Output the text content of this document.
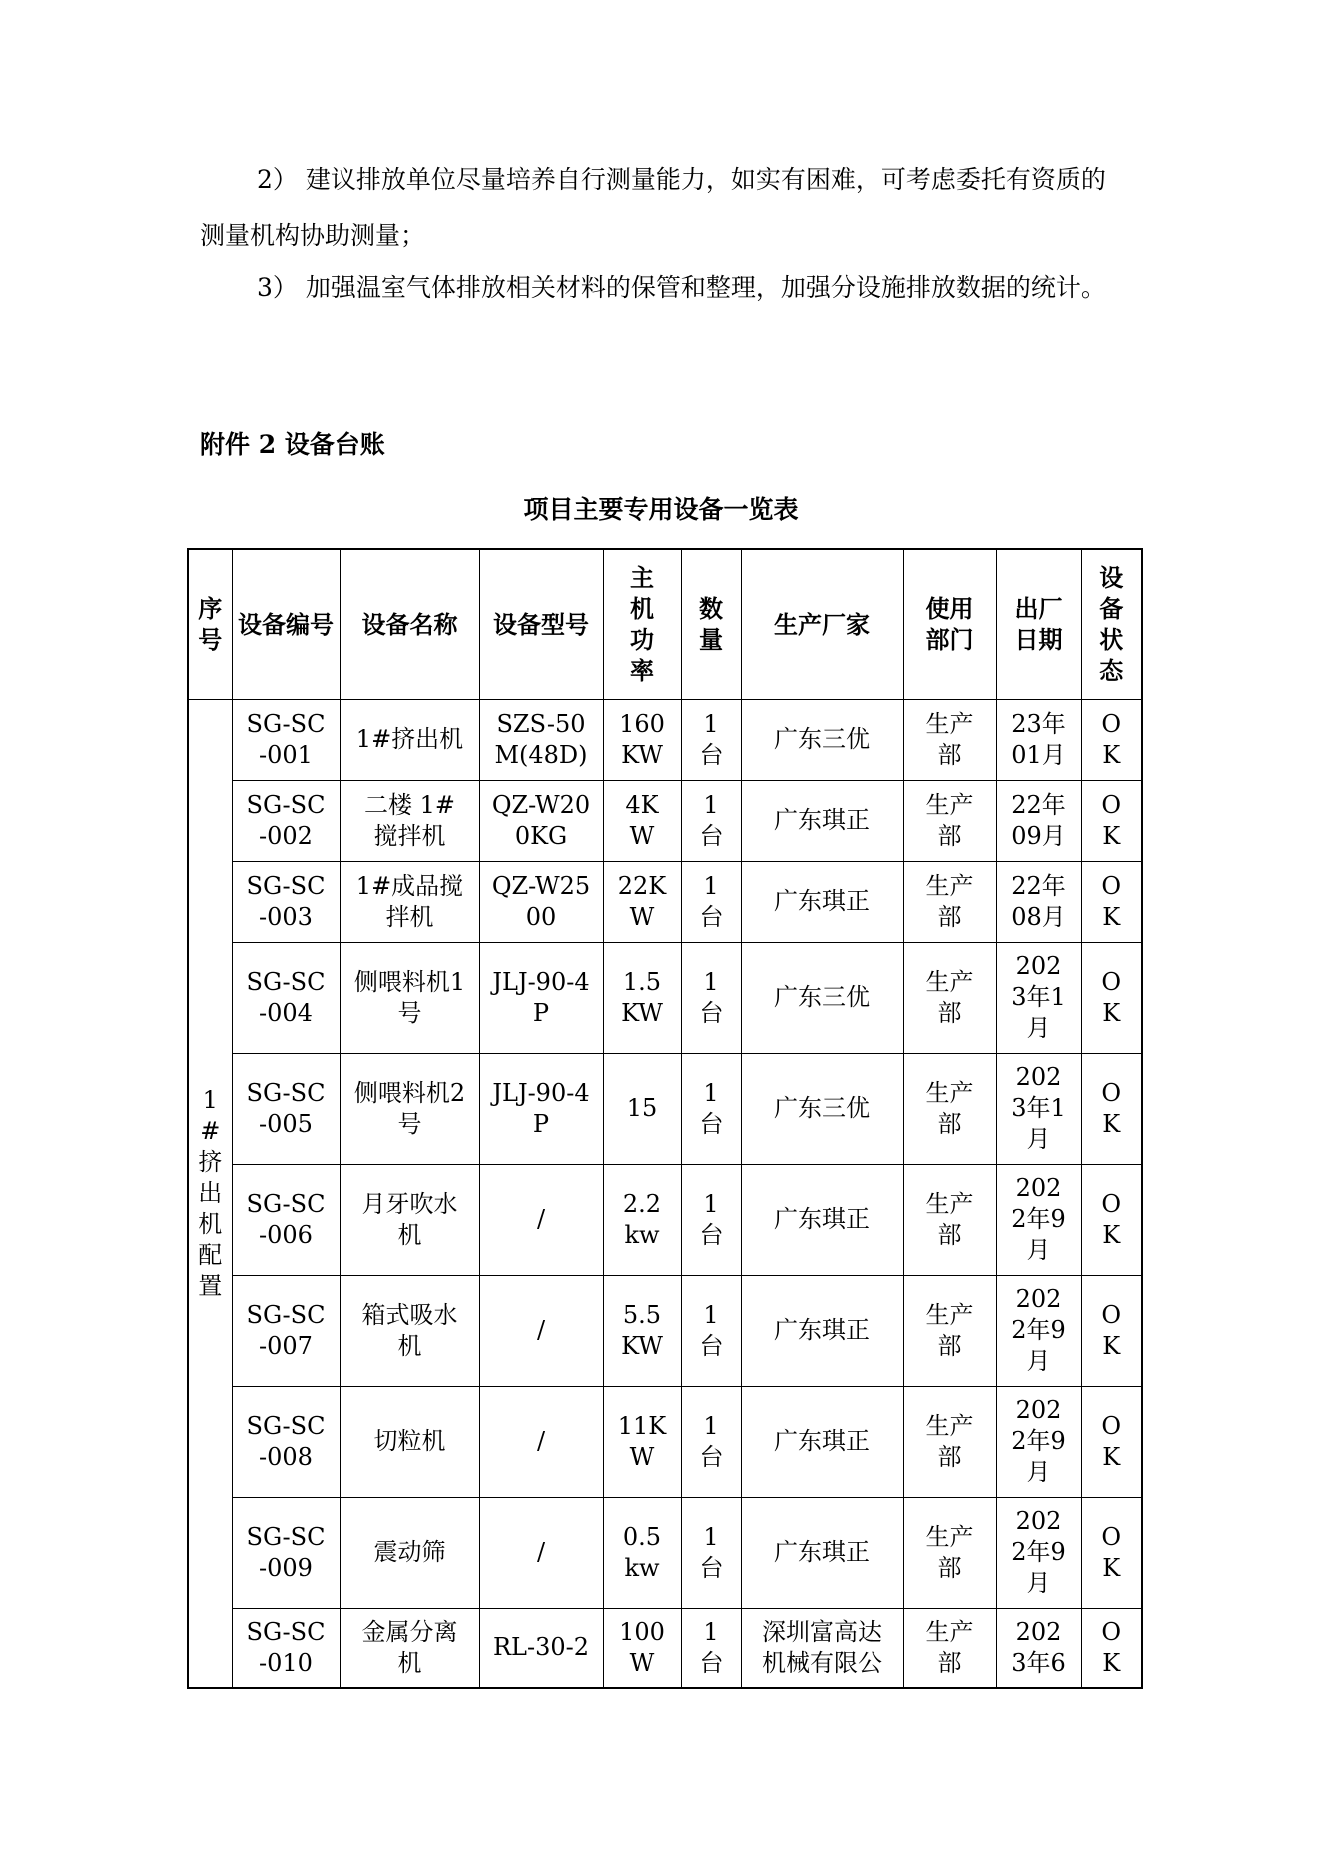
2） 建议排放单位尽量培养自行测量能力，如实有困难，可考虑委托有资质的测量机构协助测量；

3） 加强温室气体排放相关材料的保管和整理，加强分设施排放数据的统计。

附件 2 设备台账
项目主要专用设备一览表
序号	设备编号	设备名称	设备型号	主机功率	数量	生产厂家	使用部门	出厂日期	设备状态
1#挤出机配置	SG-SC-001	1#挤出机	SZS-50M(48D)	160KW	1台	广东三优	生产部	23年01月	OK
	SG-SC-002	二楼 1#搅拌机	QZ-W200KG	4KW	1台	广东琪正	生产部	22年09月	OK
	SG-SC-003	1#成品搅拌机	QZ-W2500	22KW	1台	广东琪正	生产部	22年08月	OK
	SG-SC-004	侧喂料机1号	JLJ-90-4P	1.5KW	1台	广东三优	生产部	2023年1月	OK
	SG-SC-005	侧喂料机2号	JLJ-90-4P	15	1台	广东三优	生产部	2023年1月	OK
	SG-SC-006	月牙吹水机	/	2.2kw	1台	广东琪正	生产部	2022年9月	OK
	SG-SC-007	箱式吸水机	/	5.5KW	1台	广东琪正	生产部	2022年9月	OK
	SG-SC-008	切粒机	/	11KW	1台	广东琪正	生产部	2022年9月	OK
	SG-SC-009	震动筛	/	0.5kw	1台	广东琪正	生产部	2022年9月	OK
	SG-SC-010	金属分离机	RL-30-2	100W	1台	深圳富高达机械有限公	生产部	2023年6	OK
